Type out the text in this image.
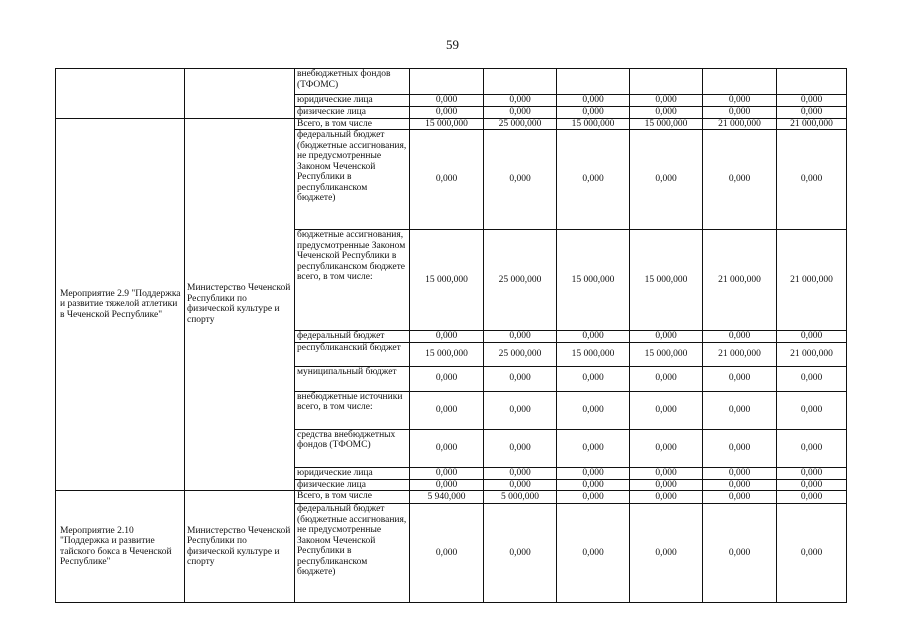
59
		внебюджетных фондов (ТФОМС)						
		юридические лица	0,000	0,000	0,000	0,000	0,000	0,000
		физические лица	0,000	0,000	0,000	0,000	0,000	0,000
Мероприятие 2.9 "Поддержка и развитие тяжелой атлетики в Чеченской Республике"	Министерство Чеченской Республики по физической культуре и спорту	Всего, в том числе	15 000,000	25 000,000	15 000,000	15 000,000	21 000,000	21 000,000
		федеральный бюджет (бюджетные ассигнования, не предусмотренные Законом Чеченской Республики в республиканском бюджете)	0,000	0,000	0,000	0,000	0,000	0,000
		бюджетные ассигнования, предусмотренные Законом Чеченской Республики в республиканском бюджете всего, в том числе:	15 000,000	25 000,000	15 000,000	15 000,000	21 000,000	21 000,000
		федеральный бюджет	0,000	0,000	0,000	0,000	0,000	0,000
		республиканский бюджет	15 000,000	25 000,000	15 000,000	15 000,000	21 000,000	21 000,000
		муниципальный бюджет	0,000	0,000	0,000	0,000	0,000	0,000
		внебюджетные источники всего, в том числе:	0,000	0,000	0,000	0,000	0,000	0,000
		средства внебюджетных фондов (ТФОМС)	0,000	0,000	0,000	0,000	0,000	0,000
		юридические лица	0,000	0,000	0,000	0,000	0,000	0,000
		физические лица	0,000	0,000	0,000	0,000	0,000	0,000
Мероприятие 2.10 "Поддержка и развитие тайского бокса в Чеченской Республике"	Министерство Чеченской Республики по физической культуре и спорту	Всего, в том числе	5 940,000	5 000,000	0,000	0,000	0,000	0,000
		федеральный бюджет (бюджетные ассигнования, не предусмотренные Законом Чеченской Республики в республиканском бюджете)	0,000	0,000	0,000	0,000	0,000	0,000
